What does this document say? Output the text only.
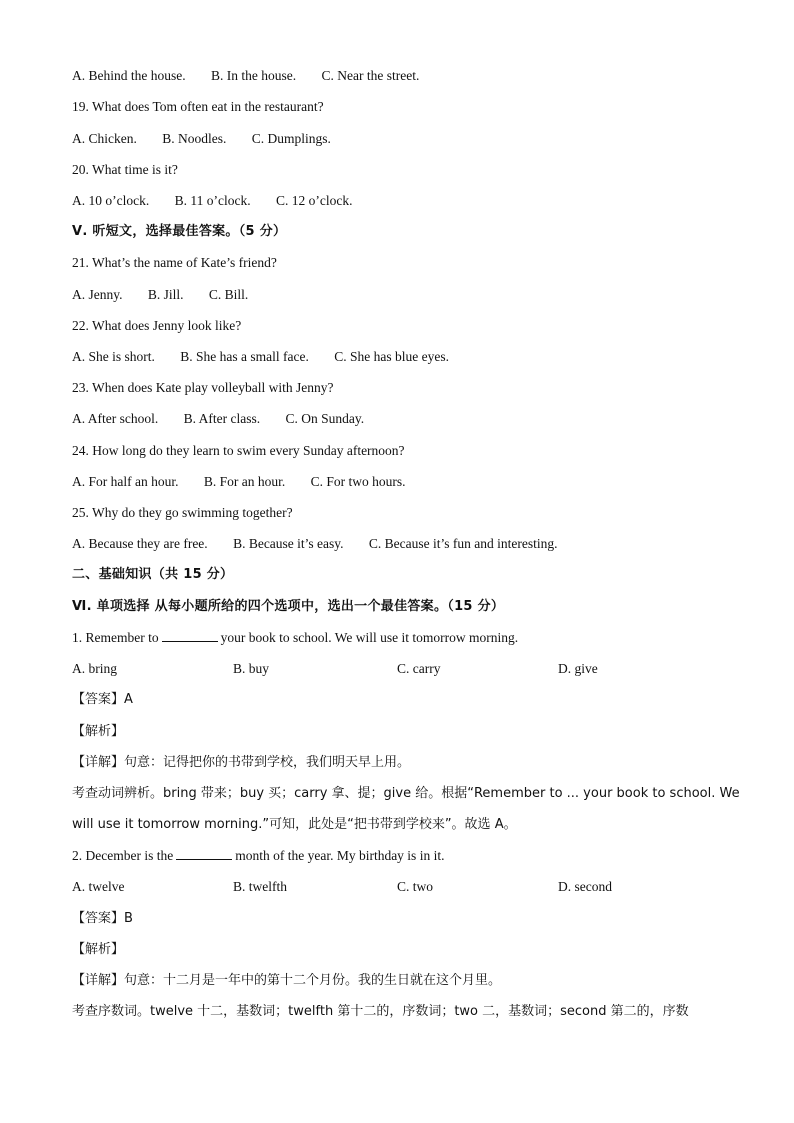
A. Behind the house. B. In the house. C. Near the street.
19. What does Tom often eat in the restaurant?
A. Chicken. B. Noodles. C. Dumplings.
20. What time is it?
A. 10 o’clock. B. 11 o’clock. C. 12 o’clock.
Ⅴ. 听短文，选择最佳答案。（5 分）
21. What’s the name of Kate’s friend?
A. Jenny. B. Jill. C. Bill.
22. What does Jenny look like?
A. She is short. B. She has a small face. C. She has blue eyes.
23. When does Kate play volleyball with Jenny?
A. After school. B. After class. C. On Sunday.
24. How long do they learn to swim every Sunday afternoon?
A. For half an hour. B. For an hour. C. For two hours.
25. Why do they go swimming together?
A. Because they are free. B. Because it’s easy. C. Because it’s fun and interesting.
二、基础知识（共 15 分）
Ⅵ. 单项选择 从每小题所给的四个选项中，选出一个最佳答案。（15 分）
1. Remember to	your book to school. We will use it tomorrow morning.
A. bring	B. buy	C. carry	D. give
【答案】A
【解析】
【详解】句意：记得把你的书带到学校，我们明天早上用。
考查动词辨析。bring 带来；buy 买；carry 拿、提；give 给。根据“Remember to ... your book to school. We
will use it tomorrow morning.”可知，此处是“把书带到学校来”。故选 A。
2. December is the	month of the year. My birthday is in it.
A. twelve	B. twelfth	C. two	D. second
【答案】B
【解析】
【详解】句意：十二月是一年中的第十二个月份。我的生日就在这个月里。
考查序数词。twelve 十二，基数词；twelfth 第十二的，序数词；two 二，基数词；second 第二的，序数
